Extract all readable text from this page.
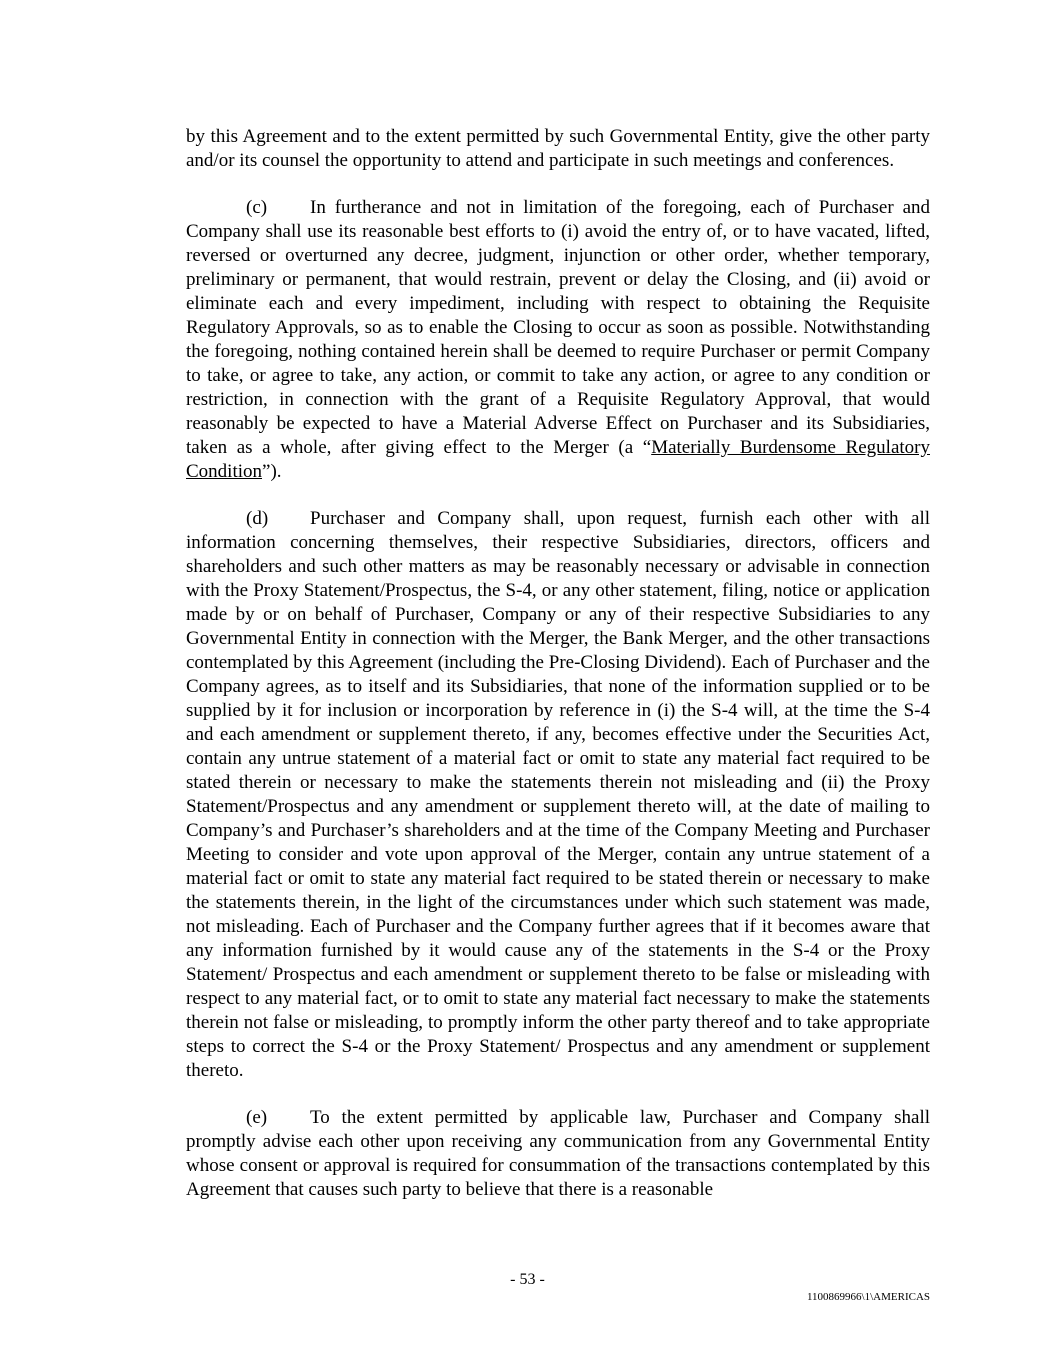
by this Agreement and to the extent permitted by such Governmental Entity, give the other party and/or its counsel the opportunity to attend and participate in such meetings and conferences.

(c) In furtherance and not in limitation of the foregoing, each of Purchaser and Company shall use its reasonable best efforts to (i) avoid the entry of, or to have vacated, lifted, reversed or overturned any decree, judgment, injunction or other order, whether temporary, preliminary or permanent, that would restrain, prevent or delay the Closing, and (ii) avoid or eliminate each and every impediment, including with respect to obtaining the Requisite Regulatory Approvals, so as to enable the Closing to occur as soon as possible. Notwithstanding the foregoing, nothing contained herein shall be deemed to require Purchaser or permit Company to take, or agree to take, any action, or commit to take any action, or agree to any condition or restriction, in connection with the grant of a Requisite Regulatory Approval, that would reasonably be expected to have a Material Adverse Effect on Purchaser and its Subsidiaries, taken as a whole, after giving effect to the Merger (a “Materially Burdensome Regulatory Condition”).

(d) Purchaser and Company shall, upon request, furnish each other with all information concerning themselves, their respective Subsidiaries, directors, officers and shareholders and such other matters as may be reasonably necessary or advisable in connection with the Proxy Statement/Prospectus, the S-4, or any other statement, filing, notice or application made by or on behalf of Purchaser, Company or any of their respective Subsidiaries to any Governmental Entity in connection with the Merger, the Bank Merger, and the other transactions contemplated by this Agreement (including the Pre-Closing Dividend). Each of Purchaser and the Company agrees, as to itself and its Subsidiaries, that none of the information supplied or to be supplied by it for inclusion or incorporation by reference in (i) the S-4 will, at the time the S-4 and each amendment or supplement thereto, if any, becomes effective under the Securities Act, contain any untrue statement of a material fact or omit to state any material fact required to be stated therein or necessary to make the statements therein not misleading and (ii) the Proxy Statement/Prospectus and any amendment or supplement thereto will, at the date of mailing to Company’s and Purchaser’s shareholders and at the time of the Company Meeting and Purchaser Meeting to consider and vote upon approval of the Merger, contain any untrue statement of a material fact or omit to state any material fact required to be stated therein or necessary to make the statements therein, in the light of the circumstances under which such statement was made, not misleading. Each of Purchaser and the Company further agrees that if it becomes aware that any information furnished by it would cause any of the statements in the S-4 or the Proxy Statement/ Prospectus and each amendment or supplement thereto to be false or misleading with respect to any material fact, or to omit to state any material fact necessary to make the statements therein not false or misleading, to promptly inform the other party thereof and to take appropriate steps to correct the S-4 or the Proxy Statement/ Prospectus and any amendment or supplement thereto.

(e) To the extent permitted by applicable law, Purchaser and Company shall promptly advise each other upon receiving any communication from any Governmental Entity whose consent or approval is required for consummation of the transactions contemplated by this Agreement that causes such party to believe that there is a reasonable

- 53 -
1100869966\1\AMERICAS
